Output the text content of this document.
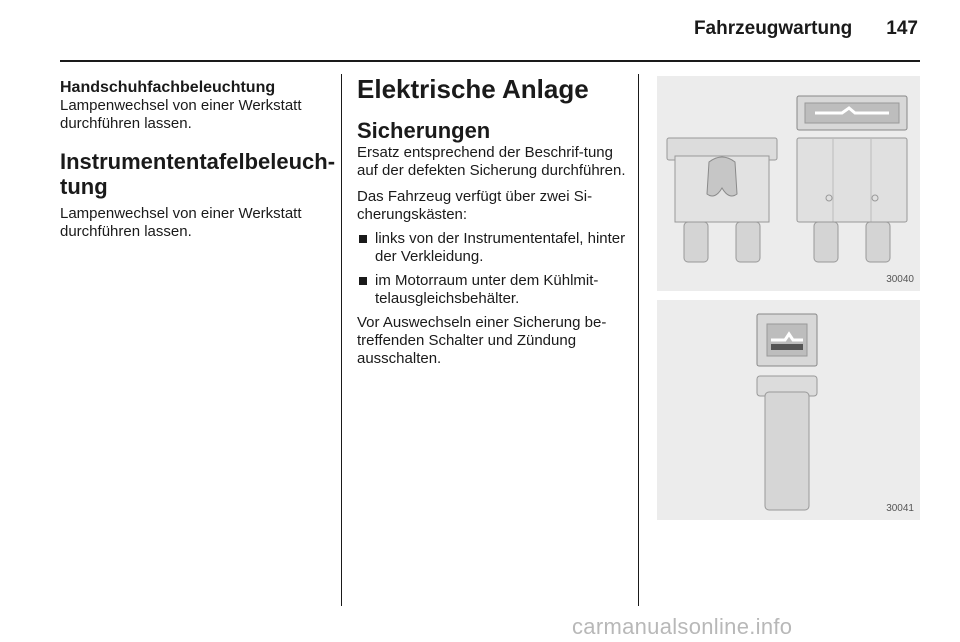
Fahrzeugwartung 147
Handschuhfachbeleuchtung
Lampenwechsel von einer Werkstatt durchführen lassen.
Instrumententafelbeleuch-tung
Lampenwechsel von einer Werkstatt durchführen lassen.
Elektrische Anlage
Sicherungen
Ersatz entsprechend der Beschrif-tung auf der defekten Sicherung durchführen.
Das Fahrzeug verfügt über zwei Si-cherungskästen:
links von der Instrumententafel, hinter der Verkleidung.
im Motorraum unter dem Kühlmit-telausgleichsbehälter.
Vor Auswechseln einer Sicherung be-treffenden Schalter und Zündung ausschalten.
30040
30041
carmanualsonline.info
